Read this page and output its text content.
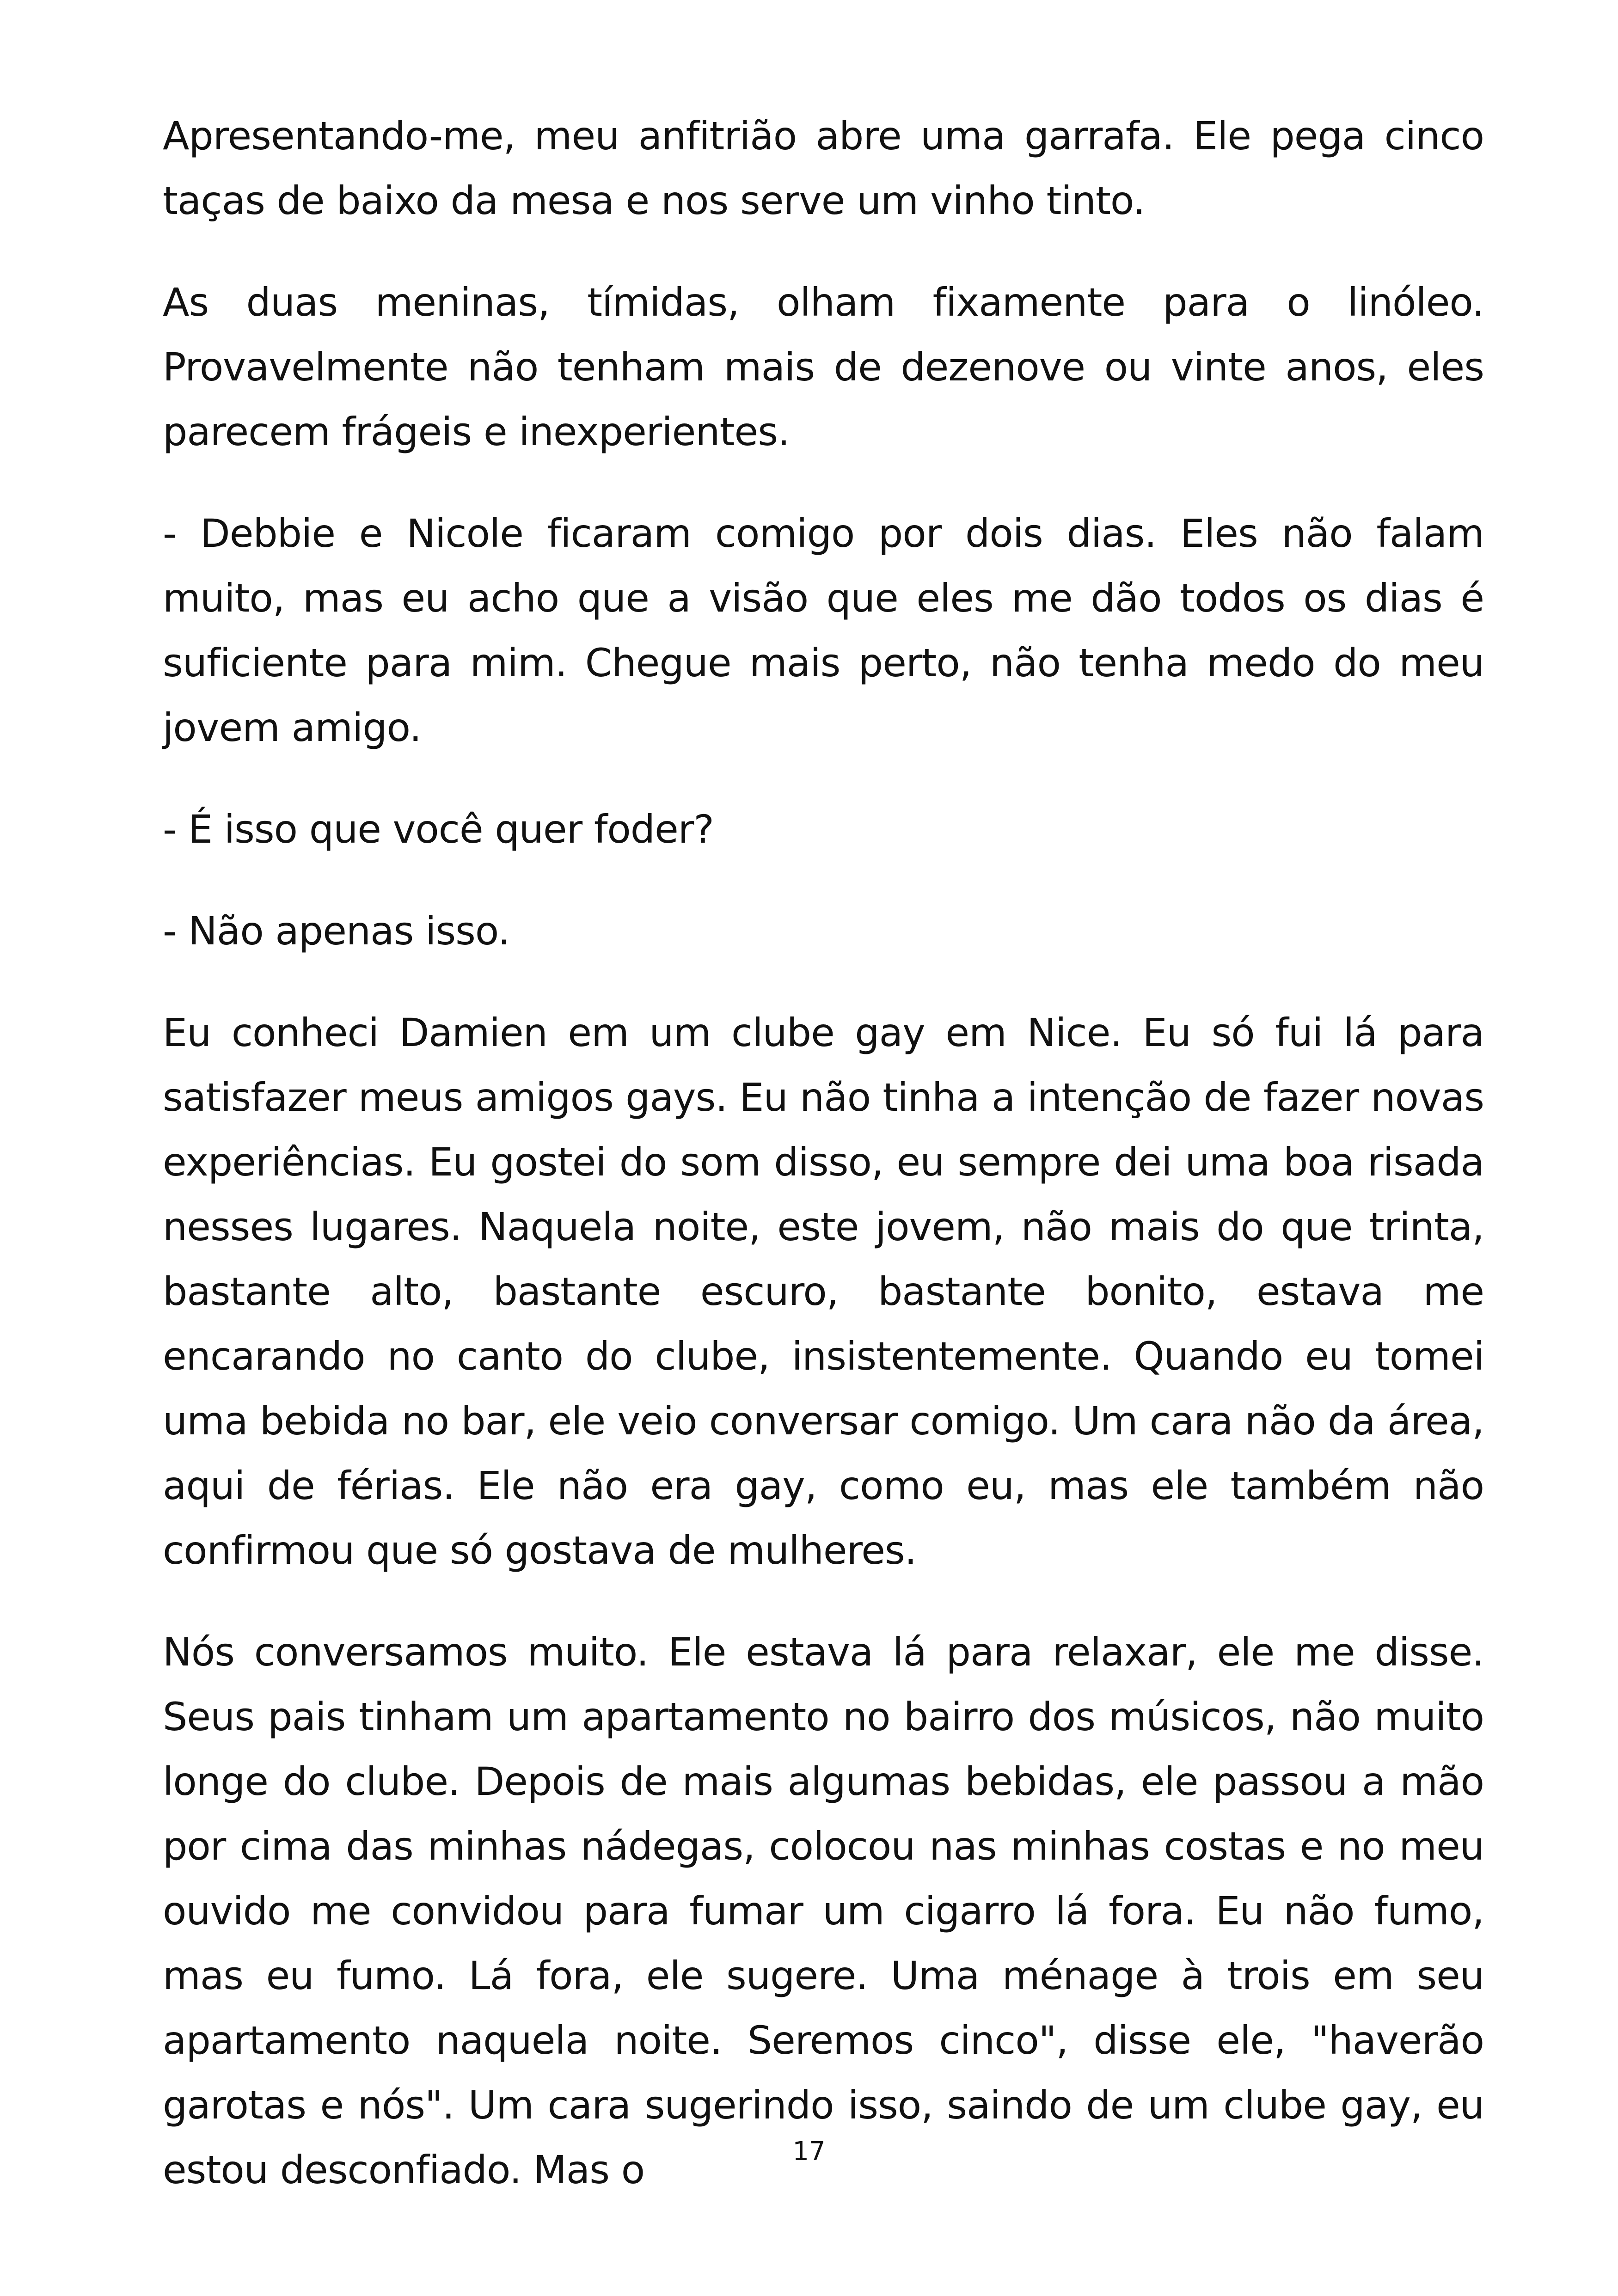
Apresentando-me, meu anfitrião abre uma garrafa. Ele pega cinco taças de baixo da mesa e nos serve um vinho tinto.

As duas meninas, tímidas, olham fixamente para o linóleo. Provavelmente não tenham mais de dezenove ou vinte anos, eles parecem frágeis e inexperientes.

- Debbie e Nicole ficaram comigo por dois dias. Eles não falam muito, mas eu acho que a visão que eles me dão todos os dias é suficiente para mim. Chegue mais perto, não tenha medo do meu jovem amigo.

- É isso que você quer foder?

- Não apenas isso.

Eu conheci Damien em um clube gay em Nice. Eu só fui lá para satisfazer meus amigos gays. Eu não tinha a intenção de fazer novas experiências. Eu gostei do som disso, eu sempre dei uma boa risada nesses lugares. Naquela noite, este jovem, não mais do que trinta, bastante alto, bastante escuro, bastante bonito, estava me encarando no canto do clube, insistentemente. Quando eu tomei uma bebida no bar, ele veio conversar comigo. Um cara não da área, aqui de férias. Ele não era gay, como eu, mas ele também não confirmou que só gostava de mulheres.

Nós conversamos muito. Ele estava lá para relaxar, ele me disse. Seus pais tinham um apartamento no bairro dos músicos, não muito longe do clube. Depois de mais algumas bebidas, ele passou a mão por cima das minhas nádegas, colocou nas minhas costas e no meu ouvido me convidou para fumar um cigarro lá fora. Eu não fumo, mas eu fumo. Lá fora, ele sugere. Uma ménage à trois em seu apartamento naquela noite. Seremos cinco", disse ele, "haverão garotas e nós". Um cara sugerindo isso, saindo de um clube gay, eu estou desconfiado. Mas o	17
